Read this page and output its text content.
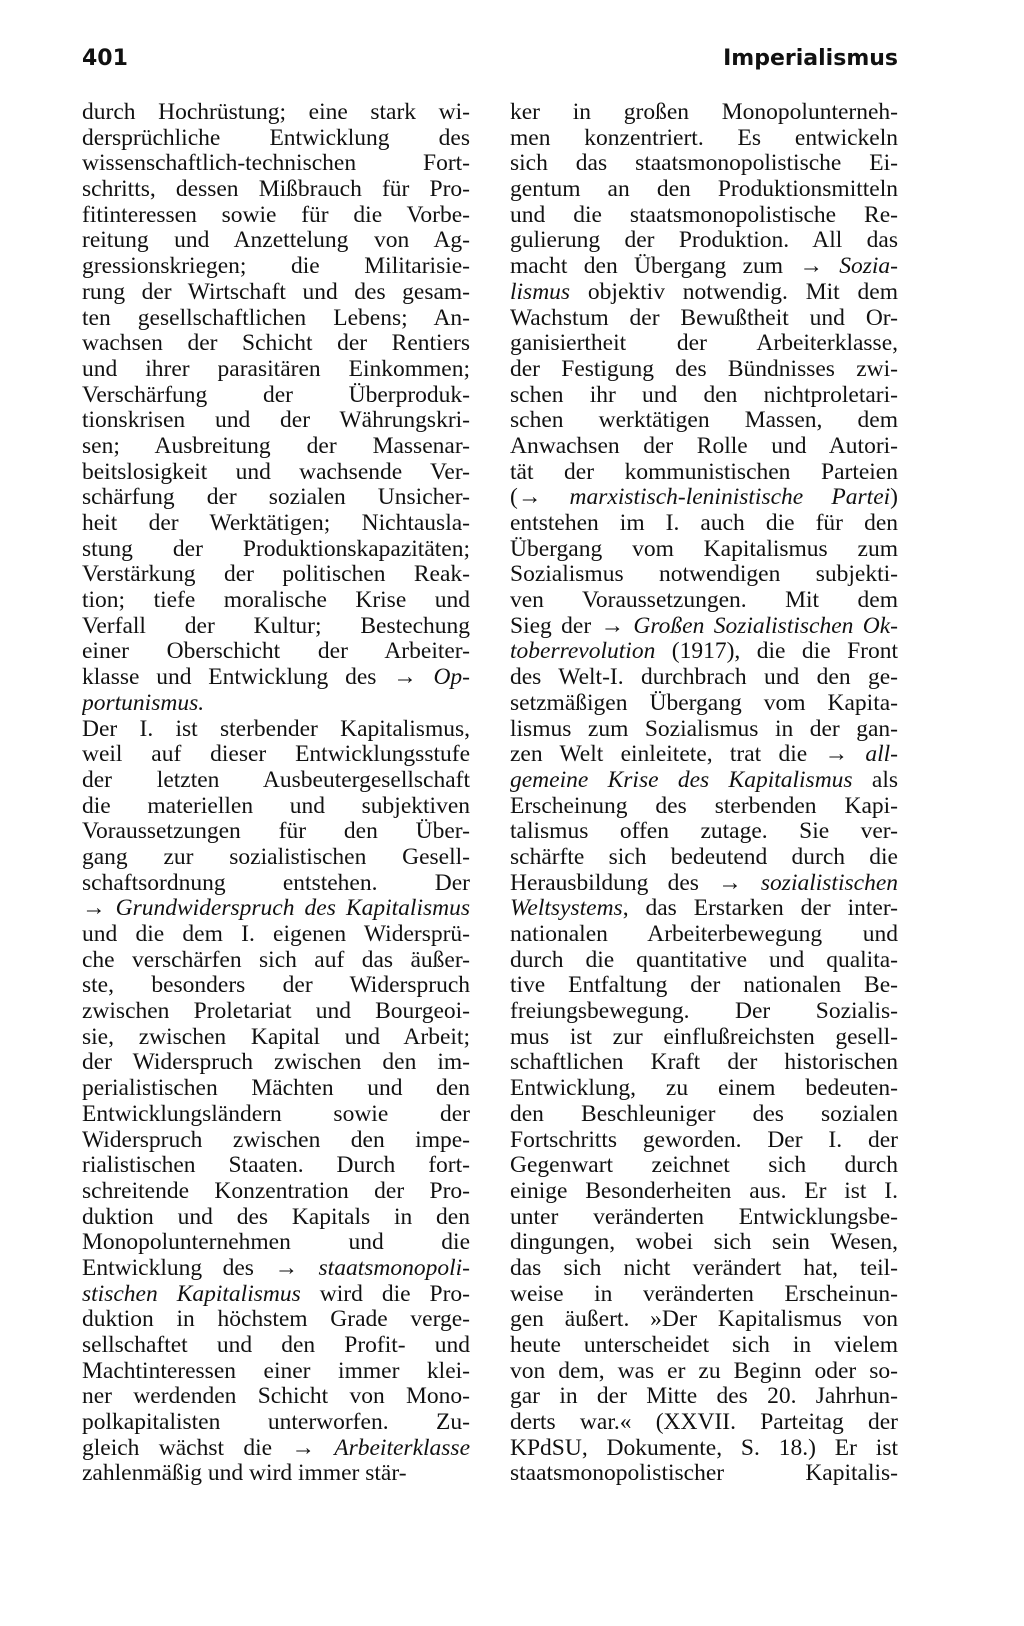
401	Imperialismus
durch Hochrüstung; eine stark wi-
dersprüchliche Entwicklung des
wissenschaftlich-technischen Fort-
schritts, dessen Mißbrauch für Pro-
fitinteressen sowie für die Vorbe-
reitung und Anzettelung von Ag-
gressionskriegen; die Militarisie-
rung der Wirtschaft und des gesam-
ten gesellschaftlichen Lebens; An-
wachsen der Schicht der Rentiers
und ihrer parasitären Einkommen;
Verschärfung der Überproduk-
tionskrisen und der Währungskri-
sen; Ausbreitung der Massenar-
beitslosigkeit und wachsende Ver-
schärfung der sozialen Unsicher-
heit der Werktätigen; Nichtausla-
stung der Produktionskapazitäten;
Verstärkung der politischen Reak-
tion; tiefe moralische Krise und
Verfall der Kultur; Bestechung
einer Oberschicht der Arbeiter-
klasse und Entwicklung des → Op-
portunismus.
Der I. ist sterbender Kapitalismus,
weil auf dieser Entwicklungsstufe
der letzten Ausbeutergesellschaft
die materiellen und subjektiven
Voraussetzungen für den Über-
gang zur sozialistischen Gesell-
schaftsordnung entstehen. Der
→ Grundwiderspruch des Kapitalismus
und die dem I. eigenen Widersprü-
che verschärfen sich auf das äußer-
ste, besonders der Widerspruch
zwischen Proletariat und Bourgeoi-
sie, zwischen Kapital und Arbeit;
der Widerspruch zwischen den im-
perialistischen Mächten und den
Entwicklungsländern sowie der
Widerspruch zwischen den impe-
rialistischen Staaten. Durch fort-
schreitende Konzentration der Pro-
duktion und des Kapitals in den
Monopolunternehmen und die
Entwicklung des → staatsmonopoli-
stischen Kapitalismus wird die Pro-
duktion in höchstem Grade verge-
sellschaftet und den Profit- und
Machtinteressen einer immer klei-
ner werdenden Schicht von Mono-
polkapitalisten unterworfen. Zu-
gleich wächst die → Arbeiterklasse
zahlenmäßig und wird immer stär-
ker in großen Monopolunterneh-
men konzentriert. Es entwickeln
sich das staatsmonopolistische Ei-
gentum an den Produktionsmitteln
und die staatsmonopolistische Re-
gulierung der Produktion. All das
macht den Übergang zum → Sozia-
lismus objektiv notwendig. Mit dem
Wachstum der Bewußtheit und Or-
ganisiertheit der Arbeiterklasse,
der Festigung des Bündnisses zwi-
schen ihr und den nichtproletari-
schen werktätigen Massen, dem
Anwachsen der Rolle und Autori-
tät der kommunistischen Parteien
(→ marxistisch-leninistische Partei)
entstehen im I. auch die für den
Übergang vom Kapitalismus zum
Sozialismus notwendigen subjekti-
ven Voraussetzungen. Mit dem
Sieg der → Großen Sozialistischen Ok-
toberrevolution (1917), die die Front
des Welt-I. durchbrach und den ge-
setzmäßigen Übergang vom Kapita-
lismus zum Sozialismus in der gan-
zen Welt einleitete, trat die → all-
gemeine Krise des Kapitalismus als
Erscheinung des sterbenden Kapi-
talismus offen zutage. Sie ver-
schärfte sich bedeutend durch die
Herausbildung des → sozialistischen
Weltsystems, das Erstarken der inter-
nationalen Arbeiterbewegung und
durch die quantitative und qualita-
tive Entfaltung der nationalen Be-
freiungsbewegung. Der Sozialis-
mus ist zur einflußreichsten gesell-
schaftlichen Kraft der historischen
Entwicklung, zu einem bedeuten-
den Beschleuniger des sozialen
Fortschritts geworden. Der I. der
Gegenwart zeichnet sich durch
einige Besonderheiten aus. Er ist I.
unter veränderten Entwicklungsbe-
dingungen, wobei sich sein Wesen,
das sich nicht verändert hat, teil-
weise in veränderten Erscheinun-
gen äußert. »Der Kapitalismus von
heute unterscheidet sich in vielem
von dem, was er zu Beginn oder so-
gar in der Mitte des 20. Jahrhun-
derts war.« (XXVII. Parteitag der
KPdSU, Dokumente, S. 18.) Er ist
staatsmonopolistischer Kapitalis-
